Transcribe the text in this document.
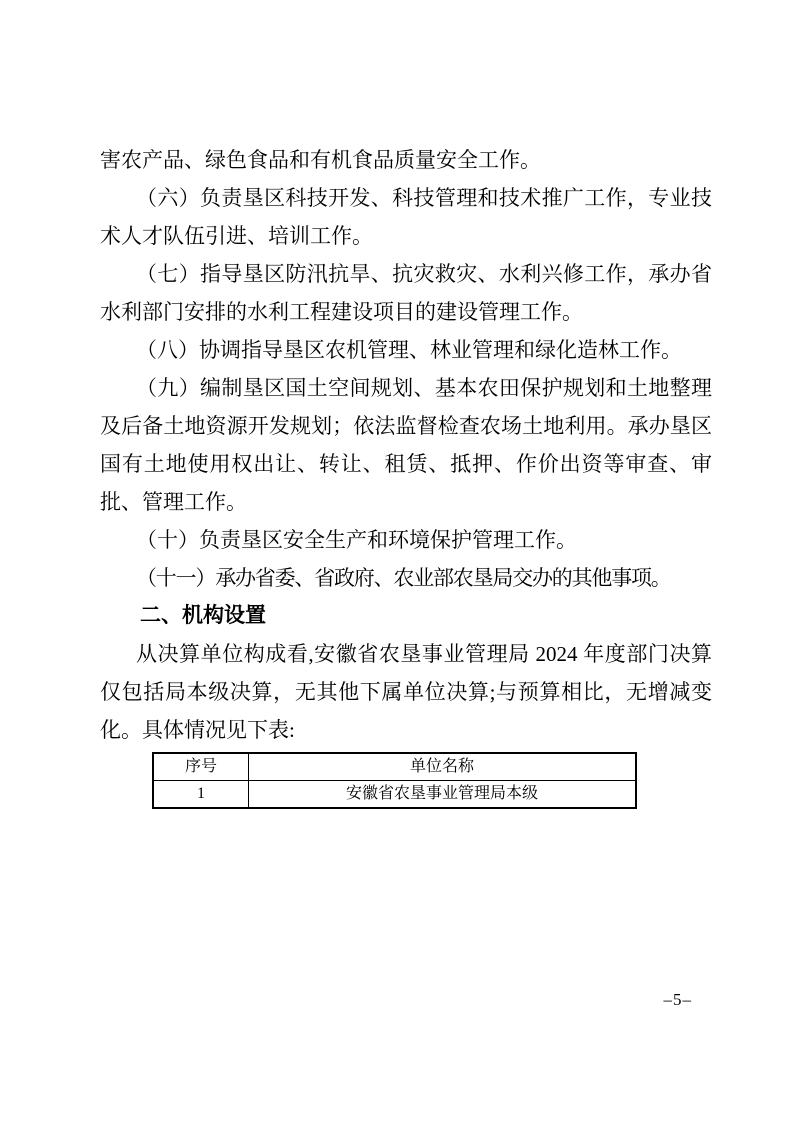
害农产品、绿色食品和有机食品质量安全工作。

（六）负责垦区科技开发、科技管理和技术推广工作，专业技术人才队伍引进、培训工作。

（七）指导垦区防汛抗旱、抗灾救灾、水利兴修工作，承办省水利部门安排的水利工程建设项目的建设管理工作。

（八）协调指导垦区农机管理、林业管理和绿化造林工作。

（九）编制垦区国土空间规划、基本农田保护规划和土地整理及后备土地资源开发规划；依法监督检查农场土地利用。承办垦区国有土地使用权出让、转让、租赁、抵押、作价出资等审查、审批、管理工作。

（十）负责垦区安全生产和环境保护管理工作。

（十一）承办省委、省政府、农业部农垦局交办的其他事项。

二、机构设置

从决算单位构成看,安徽省农垦事业管理局 2024 年度部门决算仅包括局本级决算，无其他下属单位决算;与预算相比，无增减变化。具体情况见下表:

序号	单位名称
1	安徽省农垦事业管理局本级
–5–
